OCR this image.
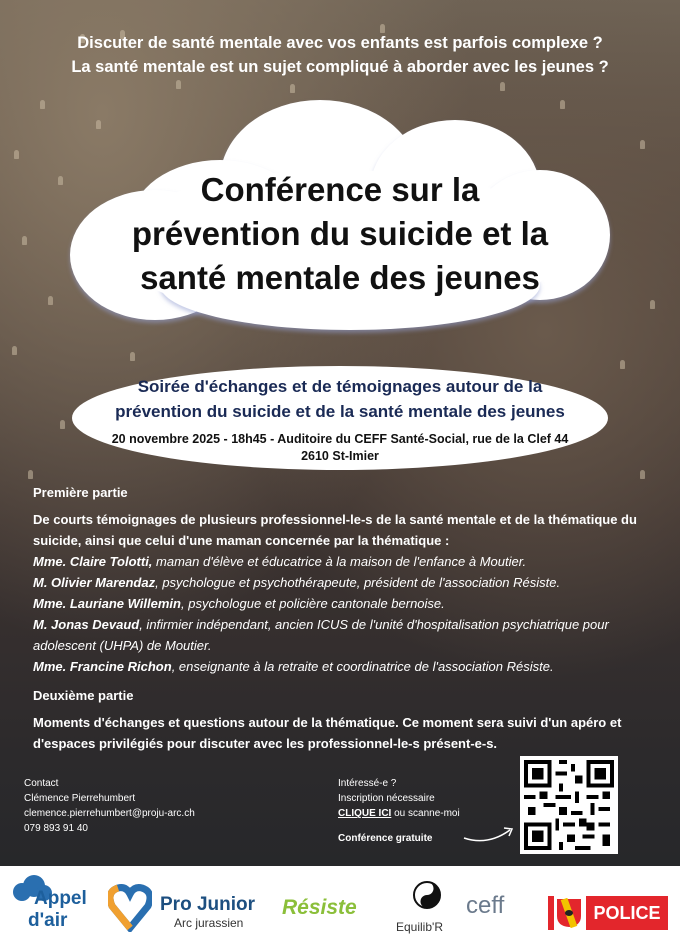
Discuter de santé mentale avec vos enfants est parfois complexe ?
La santé mentale est un sujet compliqué à aborder avec les jeunes ?
Conférence sur la
prévention du suicide et la
santé mentale des jeunes
Soirée d'échanges et de témoignages autour de la
prévention du suicide et de la santé mentale des jeunes
20 novembre 2025 - 18h45 - Auditoire du CEFF Santé-Social, rue de la Clef 44
2610 St-Imier
Première partie
De courts témoignages de plusieurs professionnel-le-s de la santé mentale et de la thématique du suicide, ainsi que celui d'une maman concernée par la thématique :
Mme. Claire Tolotti, maman d'élève et éducatrice à la maison de l'enfance à Moutier.
M. Olivier Marendaz, psychologue et psychothérapeute, président de l'association Résiste.
Mme. Lauriane Willemin, psychologue et policière cantonale bernoise.
M. Jonas Devaud, infirmier indépendant, ancien ICUS de l'unité d'hospitalisation psychiatrique pour adolescent (UHPA) de Moutier.
Mme. Francine Richon, enseignante à la retraite et coordinatrice de l'association Résiste.
Deuxième partie
Moments d'échanges et questions autour de la thématique. Ce moment sera suivi d'un apéro et d'espaces privilégiés pour discuter avec les professionnel-le-s présent-e-s.
Contact
Clémence Pierrehumbert
clemence.pierrehumbert@proju-arc.ch
079 893 91 40
Intéressé-e ?
Inscription nécessaire
CLIQUE ICI ou scanne-moi
Conférence gratuite
Appel
d'air
Pro Junior
Arc jurassien
Résiste
Equilib'R
ceff	POLICE
